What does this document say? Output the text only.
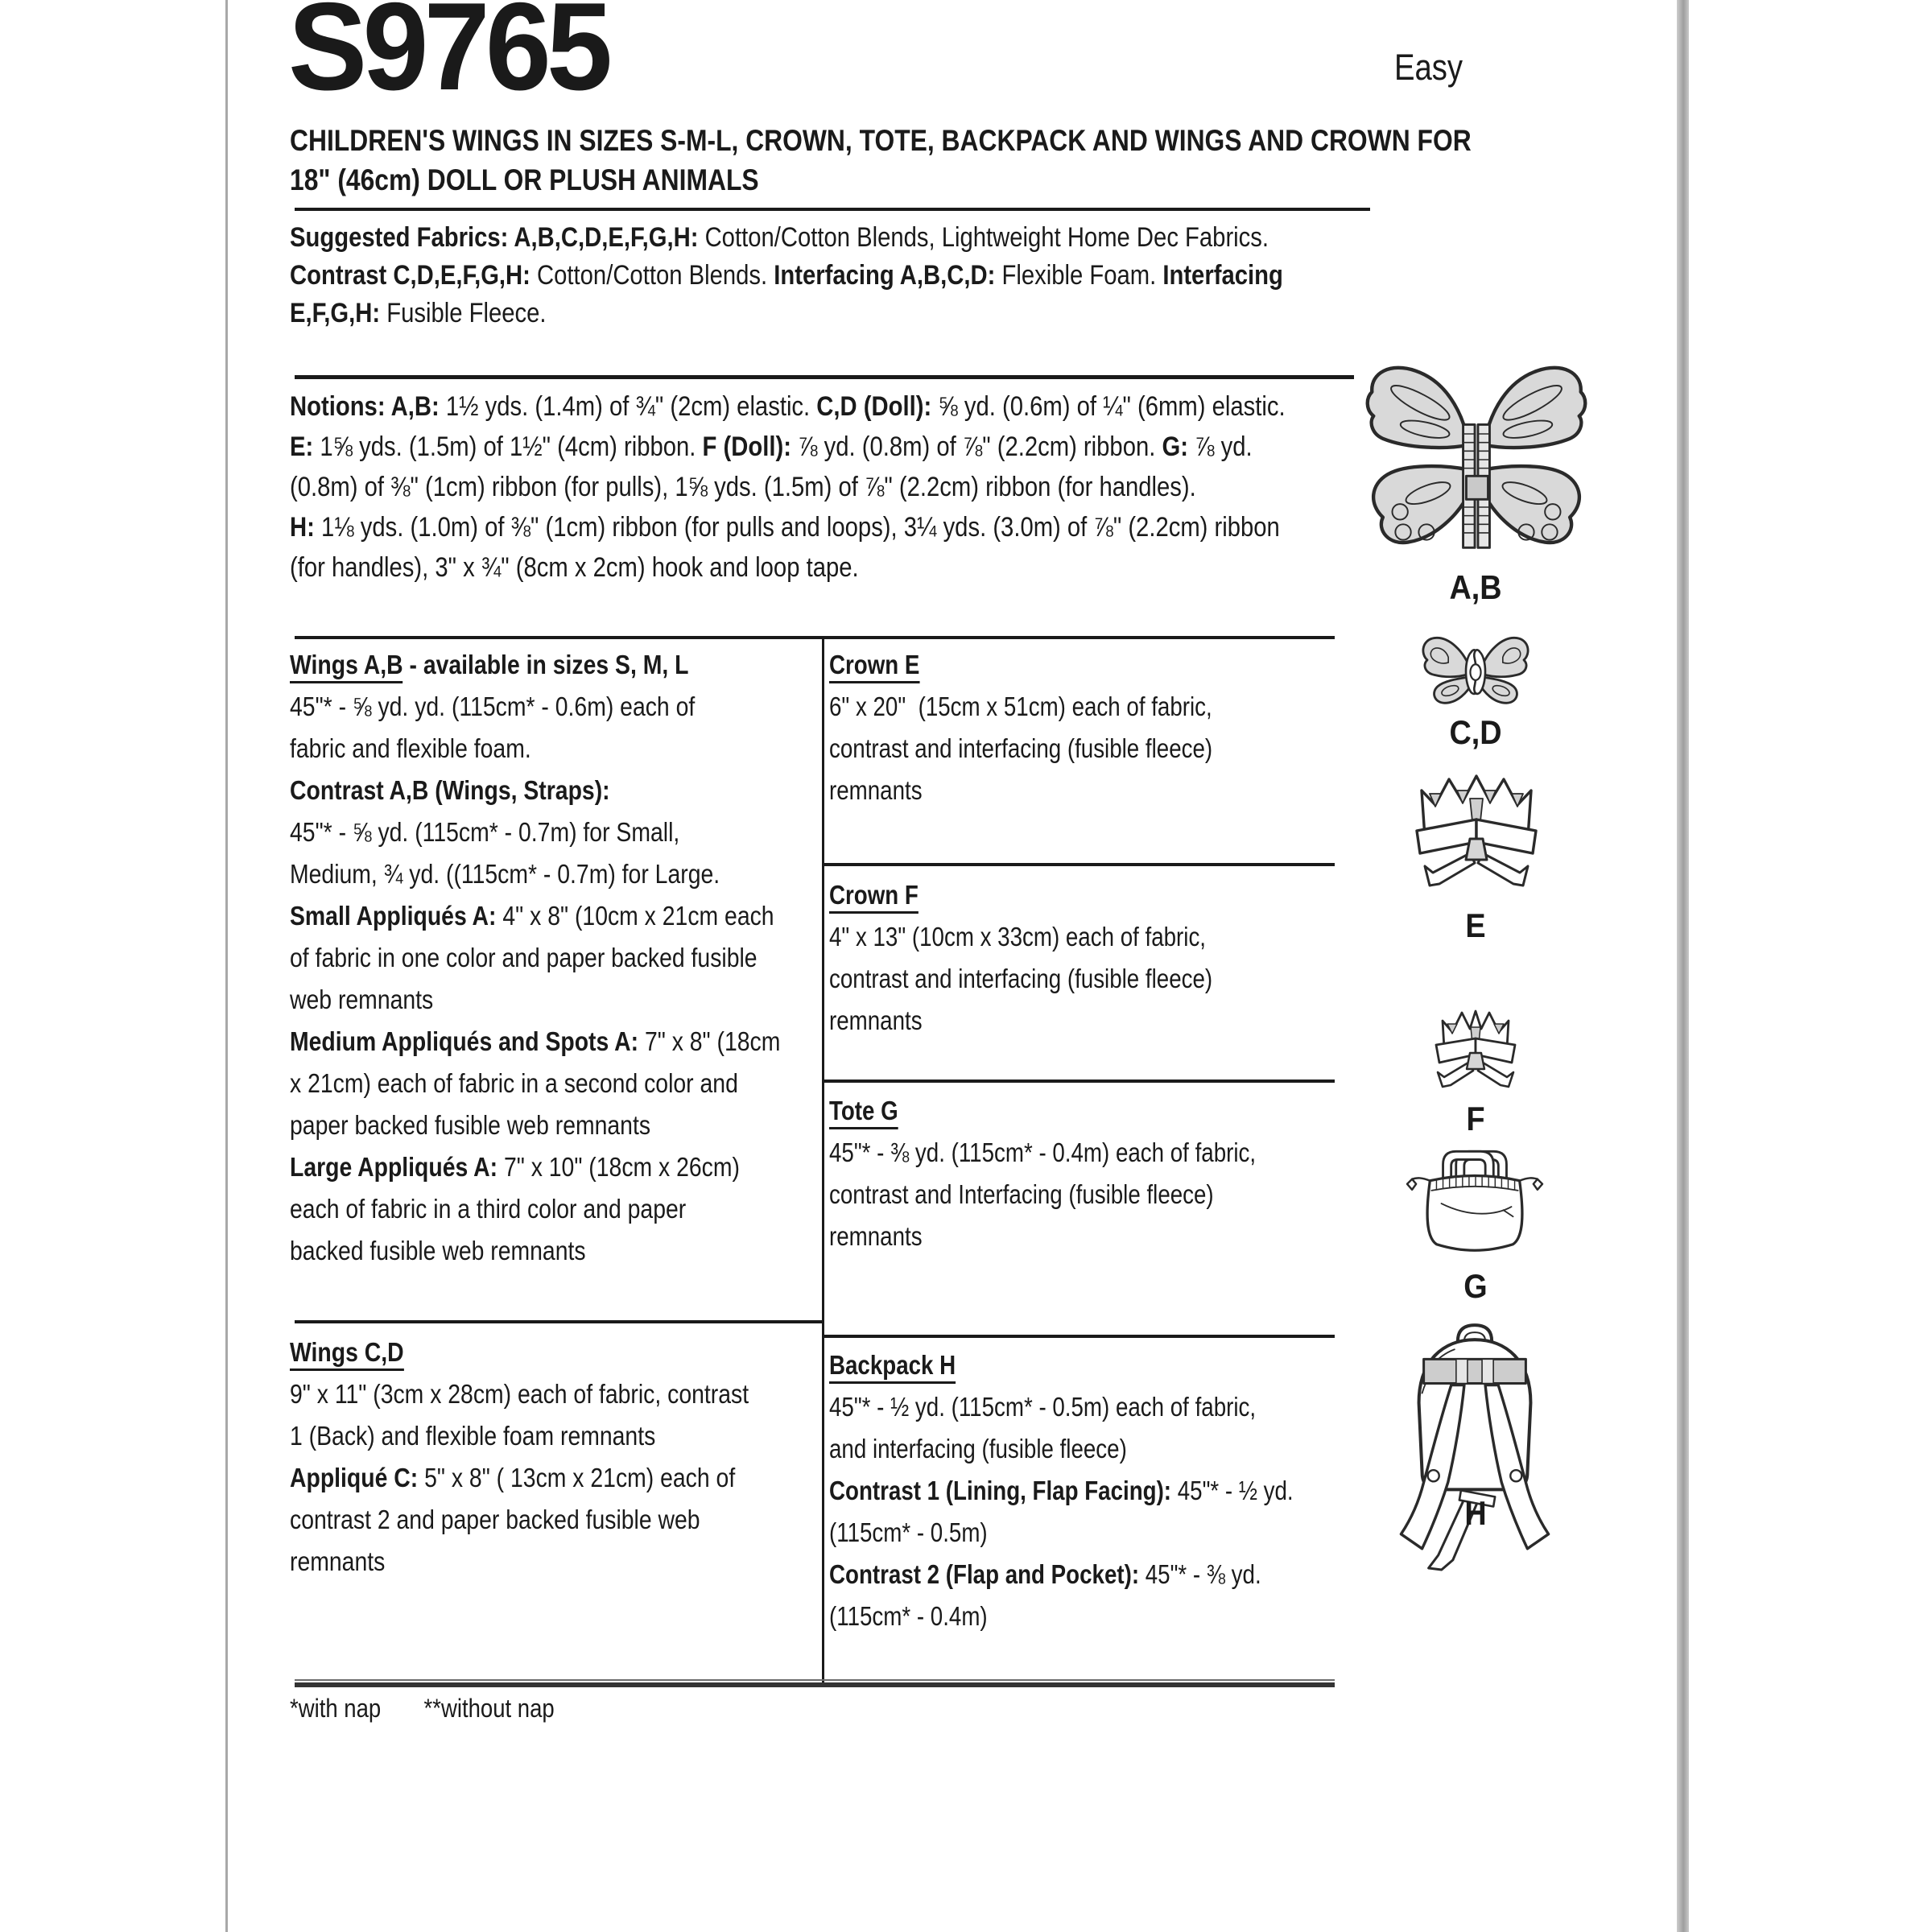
S9765	Easy
CHILDREN'S WINGS IN SIZES S-M-L, CROWN, TOTE, BACKPACK AND WINGS AND CROWN FOR
18" (46cm) DOLL OR PLUSH ANIMALS
Suggested Fabrics: A,B,C,D,E,F,G,H: Cotton/Cotton Blends, Lightweight Home Dec Fabrics.
Contrast C,D,E,F,G,H: Cotton/Cotton Blends. Interfacing A,B,C,D: Flexible Foam. Interfacing
E,F,G,H: Fusible Fleece.
Notions: A,B: 1½ yds. (1.4m) of ¾" (2cm) elastic. C,D (Doll): ⅝ yd. (0.6m) of ¼" (6mm) elastic.
E: 1⅝ yds. (1.5m) of 1½" (4cm) ribbon. F (Doll): ⅞ yd. (0.8m) of ⅞" (2.2cm) ribbon. G: ⅞ yd.
(0.8m) of ⅜" (1cm) ribbon (for pulls), 1⅝ yds. (1.5m) of ⅞" (2.2cm) ribbon (for handles).
H: 1⅛ yds. (1.0m) of ⅜" (1cm) ribbon (for pulls and loops), 3¼ yds. (3.0m) of ⅞" (2.2cm) ribbon
(for handles), 3" x ¾" (8cm x 2cm) hook and loop tape.
Wings A,B - available in sizes S, M, L
45"* - ⅝ yd. yd. (115cm* - 0.6m) each of
fabric and flexible foam.
Contrast A,B (Wings, Straps):
45"* - ⅝ yd. (115cm* - 0.7m) for Small,
Medium, ¾ yd. ((115cm* - 0.7m) for Large.
Small Appliqués A: 4" x 8" (10cm x 21cm each
of fabric in one color and paper backed fusible
web remnants
Medium Appliqués and Spots A: 7" x 8" (18cm
x 21cm) each of fabric in a second color and
paper backed fusible web remnants
Large Appliqués A: 7" x 10" (18cm x 26cm)
each of fabric in a third color and paper
backed fusible web remnants
Wings C,D
9" x 11" (3cm x 28cm) each of fabric, contrast
1 (Back) and flexible foam remnants
Appliqué C: 5" x 8" ( 13cm x 21cm) each of
contrast 2 and paper backed fusible web
remnants
Crown E
6" x 20"  (15cm x 51cm) each of fabric,
contrast and interfacing (fusible fleece)
remnants
Crown F
4" x 13" (10cm x 33cm) each of fabric,
contrast and interfacing (fusible fleece)
remnants
Tote G
45"* - ⅜ yd. (115cm* - 0.4m) each of fabric,
contrast and Interfacing (fusible fleece)
remnants
Backpack H
45"* - ½ yd. (115cm* - 0.5m) each of fabric,
and interfacing (fusible fleece)
Contrast 1 (Lining, Flap Facing): 45"* - ½ yd.
(115cm* - 0.5m)
Contrast 2 (Flap and Pocket): 45"* - ⅜ yd.
(115cm* - 0.4m)
*with nap **without nap
A,B
C,D
E
F
G
H
